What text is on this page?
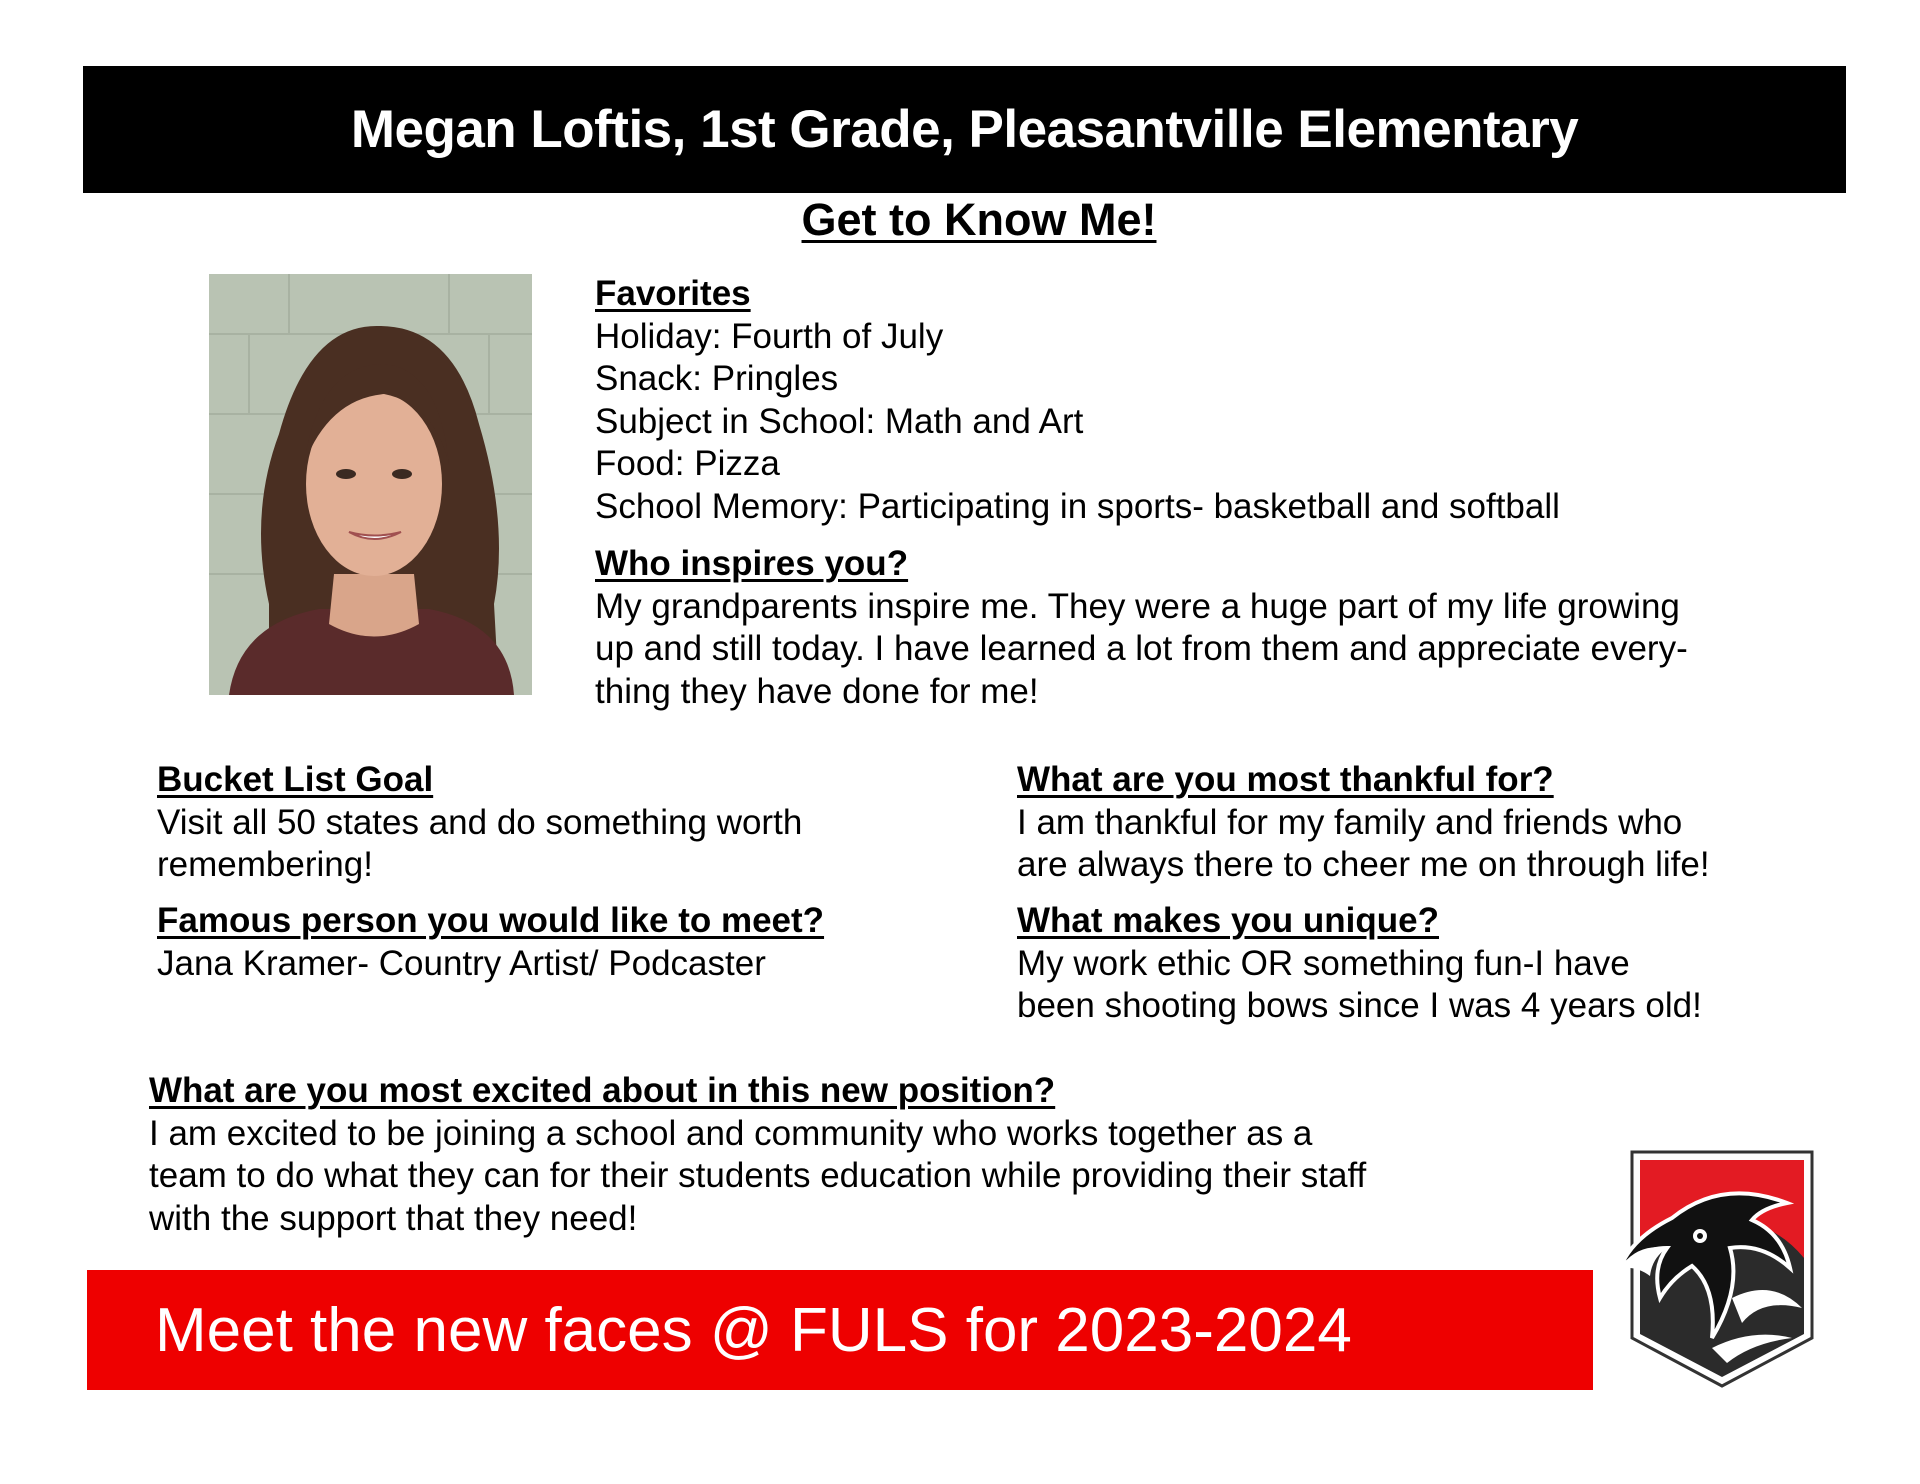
Megan Loftis, 1st Grade, Pleasantville Elementary
Get to Know Me!
Favorites
Holiday: Fourth of July
Snack: Pringles
Subject in School: Math and Art
Food: Pizza
School Memory: Participating in sports- basketball and softball
Who inspires you?
My grandparents inspire me. They were a huge part of my life growing
up and still today. I have learned a lot from them and appreciate every-
thing they have done for me!
Bucket List Goal
Visit all 50 states and do something worth
remembering!
Famous person you would like to meet?
Jana Kramer- Country Artist/ Podcaster
What are you most thankful for?
I am thankful for my family and friends who
are always there to cheer me on through life!
What makes you unique?
My work ethic OR something fun-I have
been shooting bows since I was 4 years old!
What are you most excited about in this new position?
I am excited to be joining a school and community who works together as a
team to do what they can for their students education while providing their staff
with the support that they need!
Meet the new faces @ FULS for 2023-2024
